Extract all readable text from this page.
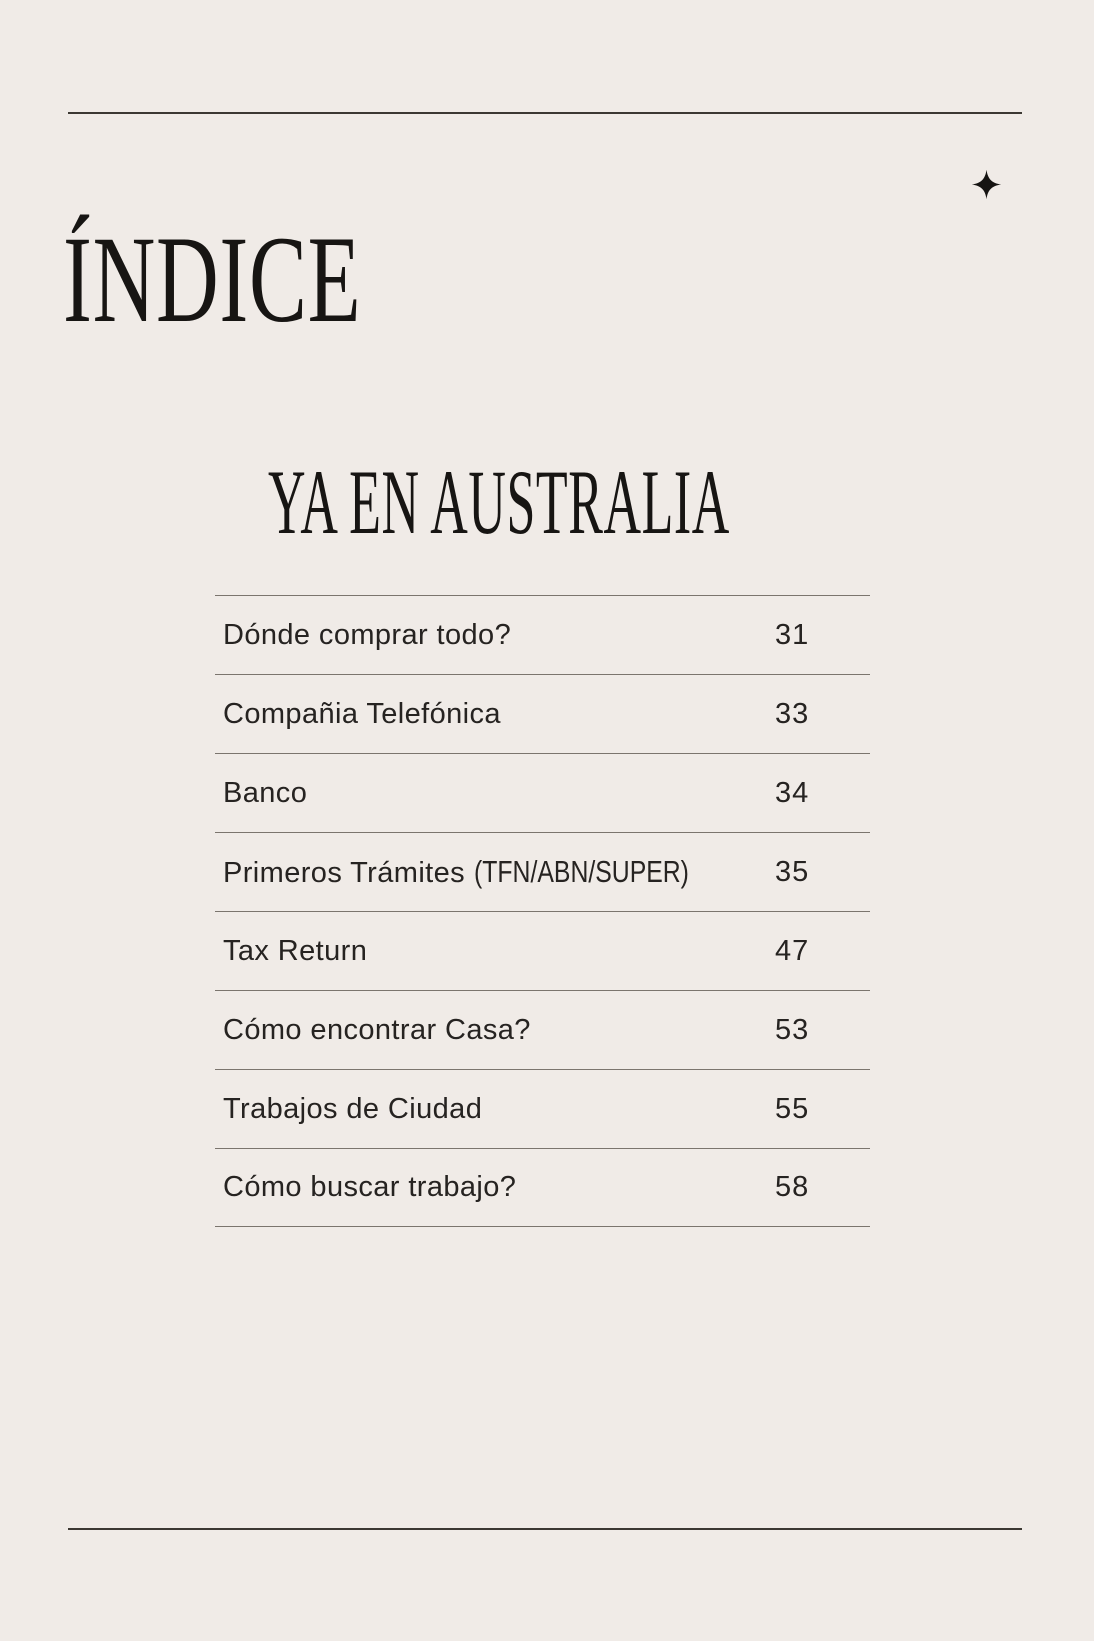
ÍNDICE
YA EN AUSTRALIA
Dónde comprar todo?	31
Compañia Telefónica	33
Banco	34
Primeros Trámites (TFN/ABN/SUPER)	35
Tax Return	47
Cómo encontrar Casa?	53
Trabajos de Ciudad	55
Cómo buscar trabajo?	58
